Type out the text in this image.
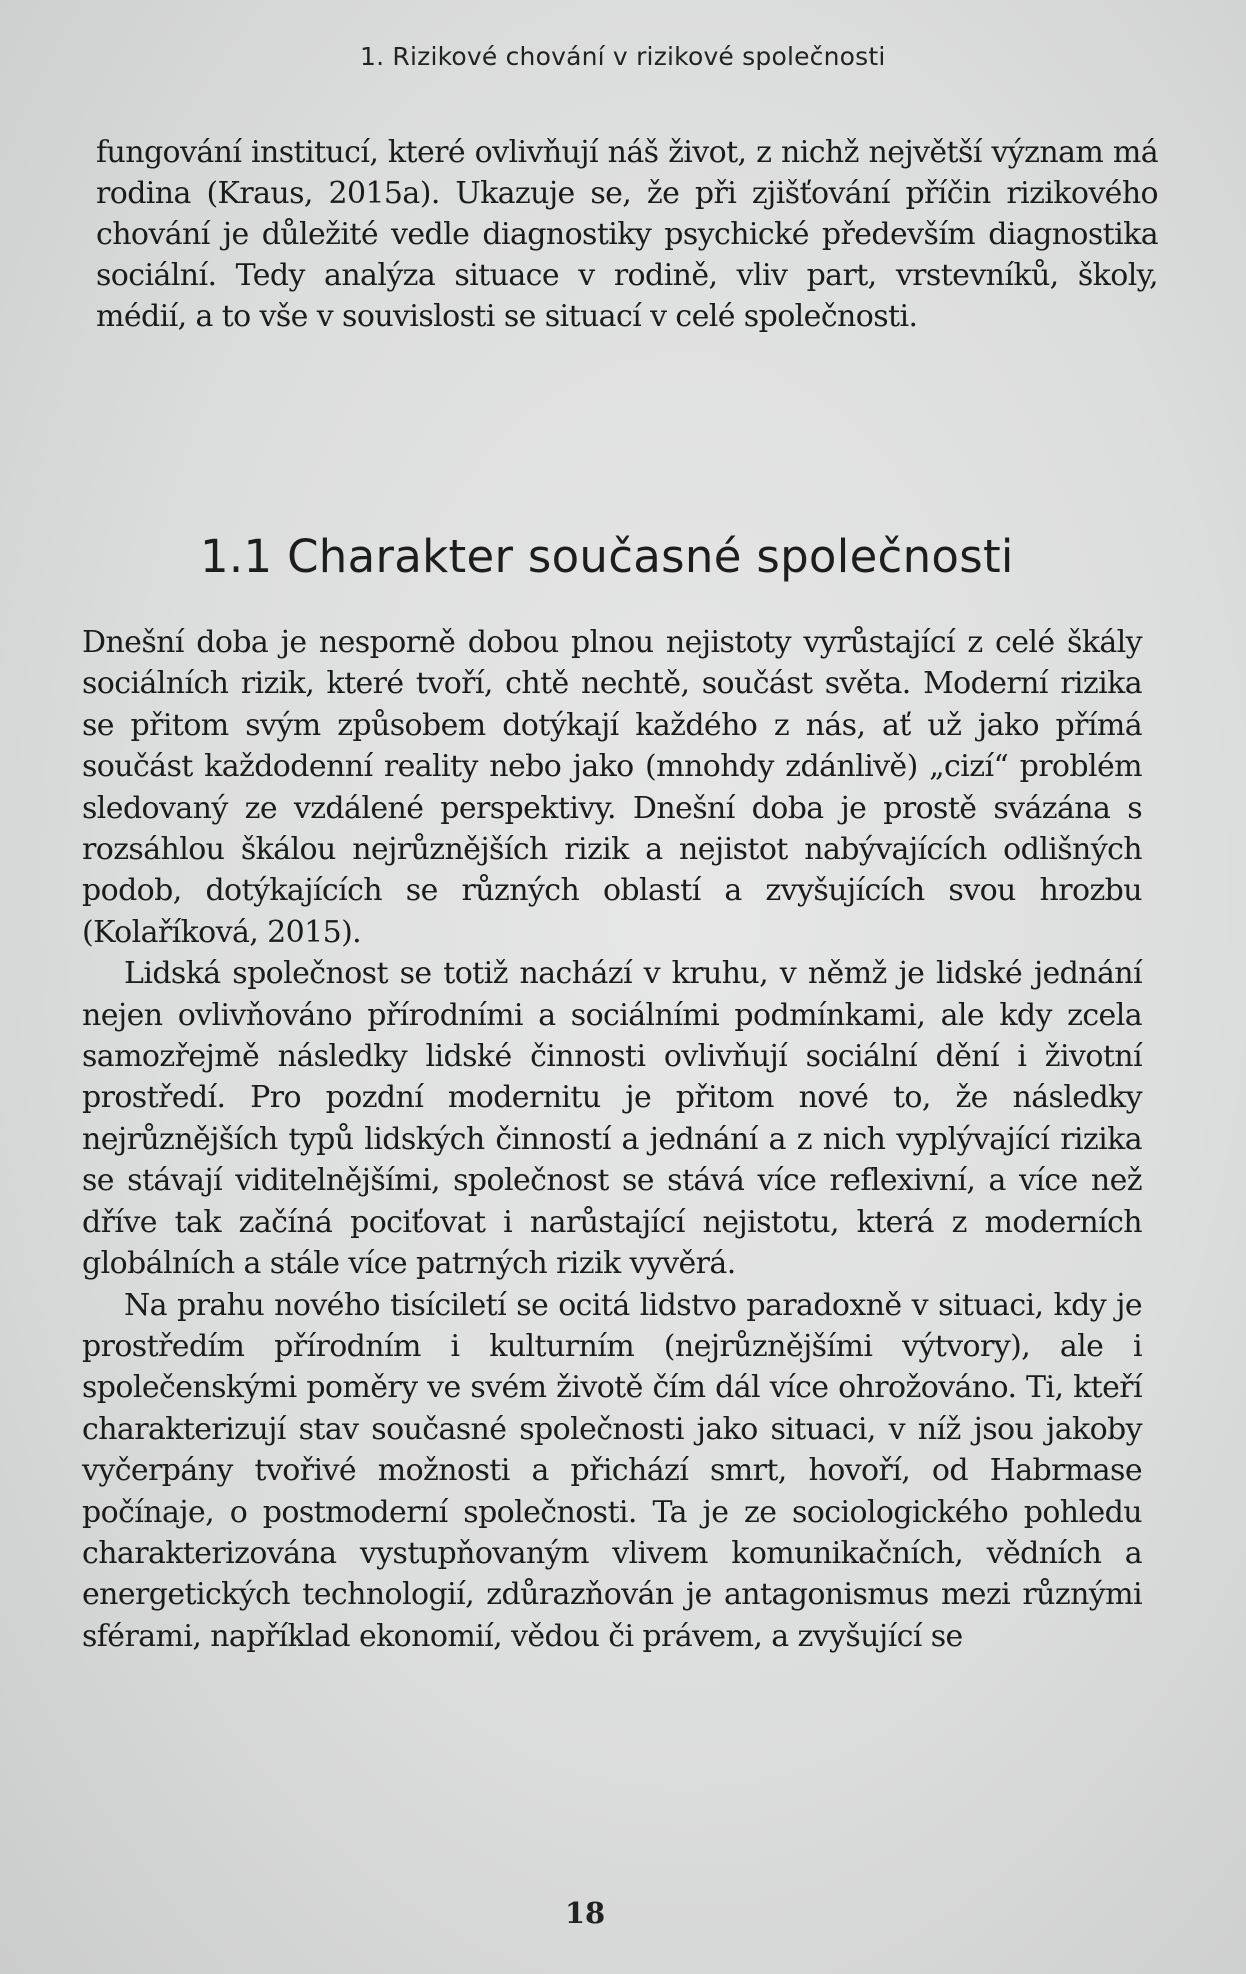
1. Rizikové chování v rizikové společnosti

fungování institucí, které ovlivňují náš život, z nichž největší význam má rodina (Kraus, 2015a). Ukazuje se, že při zjišťování příčin rizikového chování je důležité vedle diagnostiky psychické především diagnostika sociální. Tedy analýza situace v rodině, vliv part, vrstevníků, školy, médií, a to vše v souvislosti se situací v celé společnosti.

1.1 Charakter současné společnosti

Dnešní doba je nesporně dobou plnou nejistoty vyrůstající z celé škály sociálních rizik, které tvoří, chtě nechtě, součást světa. Moderní rizika se přitom svým způsobem dotýkají každého z nás, ať už jako přímá součást každodenní reality nebo jako (mnohdy zdánlivě) „cizí“ problém sledovaný ze vzdálené perspektivy. Dnešní doba je prostě svázána s rozsáhlou škálou nejrůznějších rizik a nejistot nabývajících odlišných podob, dotýkajících se různých oblastí a zvyšujících svou hrozbu (Kolaříková, 2015).

Lidská společnost se totiž nachází v kruhu, v němž je lidské jednání nejen ovlivňováno přírodními a sociálními podmínkami, ale kdy zcela samozřejmě následky lidské činnosti ovlivňují sociální dění i životní prostředí. Pro pozdní modernitu je přitom nové to, že následky nejrůznějších typů lidských činností a jednání a z nich vyplývající rizika se stávají viditelnějšími, společnost se stává více reflexivní, a více než dříve tak začíná pociťovat i narůstající nejistotu, která z moderních globálních a stále více patrných rizik vyvěrá.

Na prahu nového tisíciletí se ocitá lidstvo paradoxně v situaci, kdy je prostředím přírodním i kulturním (nejrůznějšími výtvory), ale i společenskými poměry ve svém životě čím dál více ohrožováno. Ti, kteří charakterizují stav současné společnosti jako situaci, v níž jsou jakoby vyčerpány tvořivé možnosti a přichází smrt, hovoří, od Habrmase počínaje, o postmoderní společnosti. Ta je ze sociologického pohledu charakterizována vystupňovaným vlivem komunikačních, vědních a energetických technologií, zdůrazňován je antagonismus mezi různými sférami, například ekonomií, vědou či právem, a zvyšující se

18
